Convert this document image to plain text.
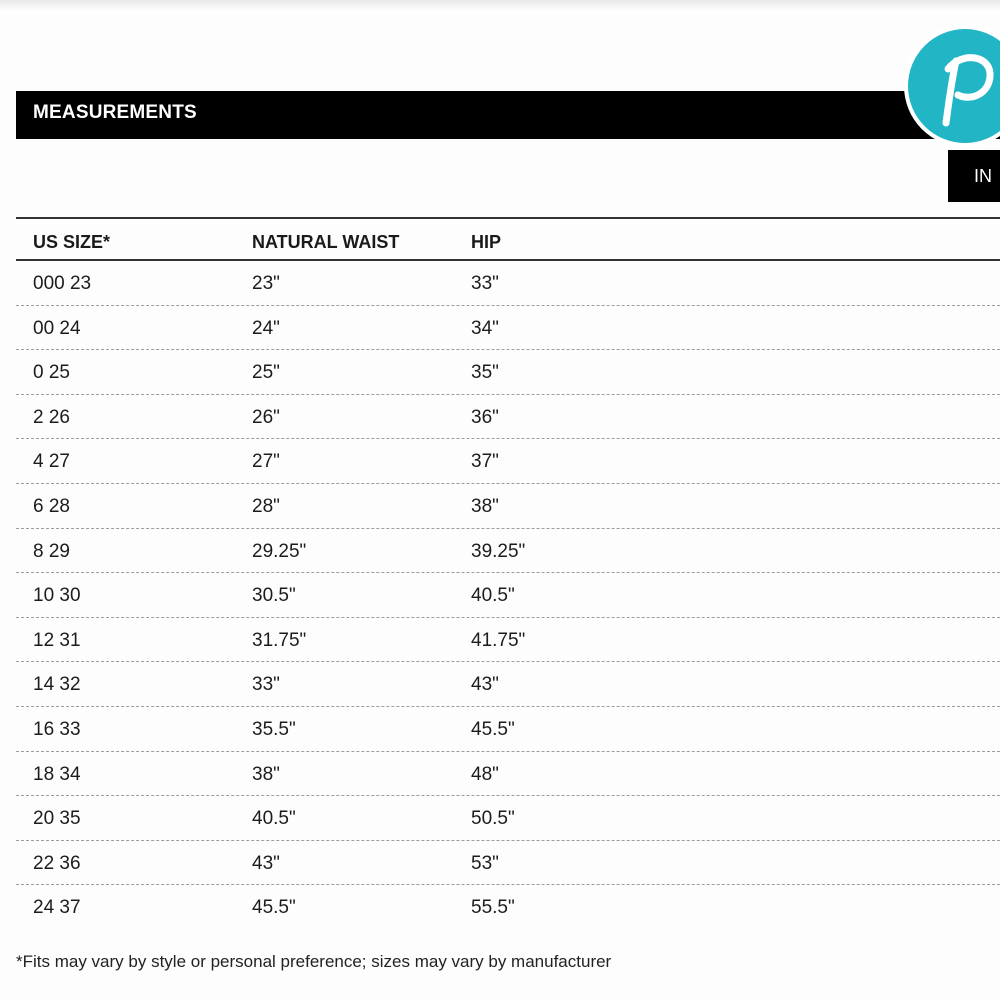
MEASUREMENTS
IN
US SIZE*	NATURAL WAIST	HIP
000 23	23"	33"
00 24	24"	34"
0 25	25"	35"
2 26	26"	36"
4 27	27"	37"
6 28	28"	38"
8 29	29.25"	39.25"
10 30	30.5"	40.5"
12 31	31.75"	41.75"
14 32	33"	43"
16 33	35.5"	45.5"
18 34	38"	48"
20 35	40.5"	50.5"
22 36	43"	53"
24 37	45.5"	55.5"
*Fits may vary by style or personal preference; sizes may vary by manufacturer
